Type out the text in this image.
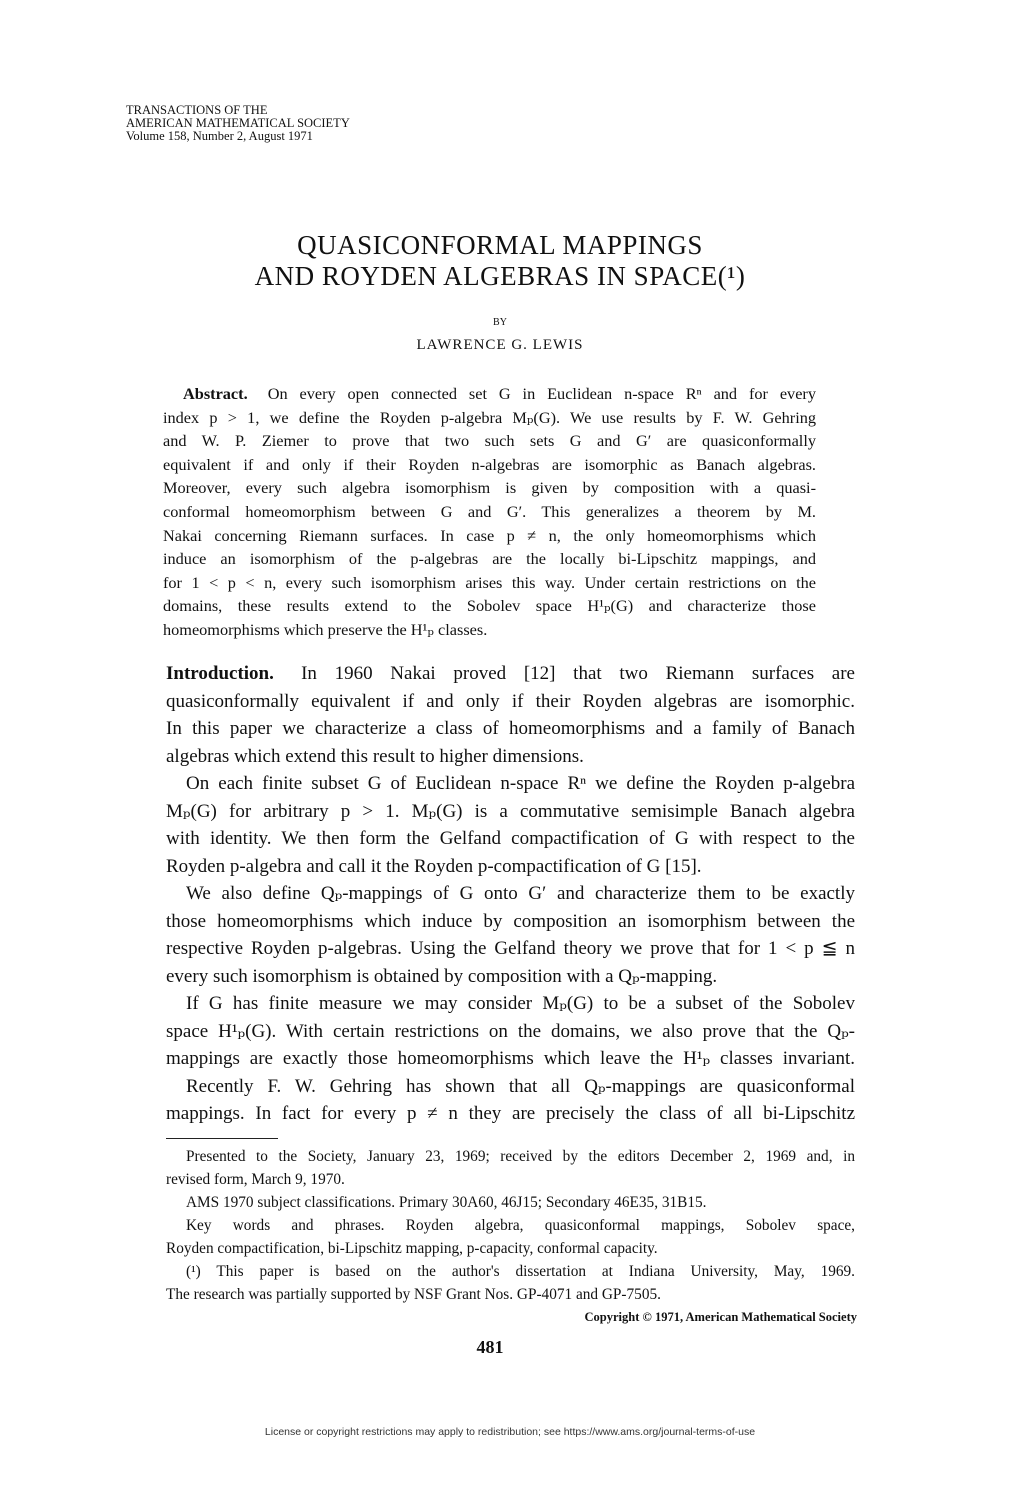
TRANSACTIONS OF THE
AMERICAN MATHEMATICAL SOCIETY
Volume 158, Number 2, August 1971
QUASICONFORMAL MAPPINGS
AND ROYDEN ALGEBRAS IN SPACE(¹)
BY
LAWRENCE G. LEWIS
Abstract.  On every open connected set G in Euclidean n-space Rⁿ and for every
index p > 1, we define the Royden p-algebra Mₚ(G). We use results by F. W. Gehring
and W. P. Ziemer to prove that two such sets G and G′ are quasiconformally
equivalent if and only if their Royden n-algebras are isomorphic as Banach algebras.
Moreover, every such algebra isomorphism is given by composition with a quasi-
conformal homeomorphism between G and G′. This generalizes a theorem by M.
Nakai concerning Riemann surfaces. In case p ≠ n, the only homeomorphisms which
induce an isomorphism of the p-algebras are the locally bi-Lipschitz mappings, and
for 1 < p < n, every such isomorphism arises this way. Under certain restrictions on the
domains, these results extend to the Sobolev space H¹ₚ(G) and characterize those
homeomorphisms which preserve the H¹ₚ classes.
Introduction.  In 1960 Nakai proved [12] that two Riemann surfaces are
quasiconformally equivalent if and only if their Royden algebras are isomorphic.
In this paper we characterize a class of homeomorphisms and a family of Banach
algebras which extend this result to higher dimensions.
On each finite subset G of Euclidean n-space Rⁿ we define the Royden p-algebra
Mₚ(G) for arbitrary p > 1. Mₚ(G) is a commutative semisimple Banach algebra
with identity. We then form the Gelfand compactification of G with respect to the
Royden p-algebra and call it the Royden p-compactification of G [15].
We also define Qₚ-mappings of G onto G′ and characterize them to be exactly
those homeomorphisms which induce by composition an isomorphism between the
respective Royden p-algebras. Using the Gelfand theory we prove that for 1 < p ≦ n
every such isomorphism is obtained by composition with a Qₚ-mapping.
If G has finite measure we may consider Mₚ(G) to be a subset of the Sobolev
space H¹ₚ(G). With certain restrictions on the domains, we also prove that the Qₚ-
mappings are exactly those homeomorphisms which leave the H¹ₚ classes invariant.
Recently F. W. Gehring has shown that all Qₚ-mappings are quasiconformal
mappings. In fact for every p ≠ n they are precisely the class of all bi-Lipschitz
Presented to the Society, January 23, 1969; received by the editors December 2, 1969 and, in
revised form, March 9, 1970.
AMS 1970 subject classifications. Primary 30A60, 46J15; Secondary 46E35, 31B15.
Key words and phrases. Royden algebra, quasiconformal mappings, Sobolev space,
Royden compactification, bi-Lipschitz mapping, p-capacity, conformal capacity.
(¹) This paper is based on the author's dissertation at Indiana University, May, 1969.
The research was partially supported by NSF Grant Nos. GP-4071 and GP-7505.
Copyright © 1971, American Mathematical Society
481
License or copyright restrictions may apply to redistribution; see https://www.ams.org/journal-terms-of-use
